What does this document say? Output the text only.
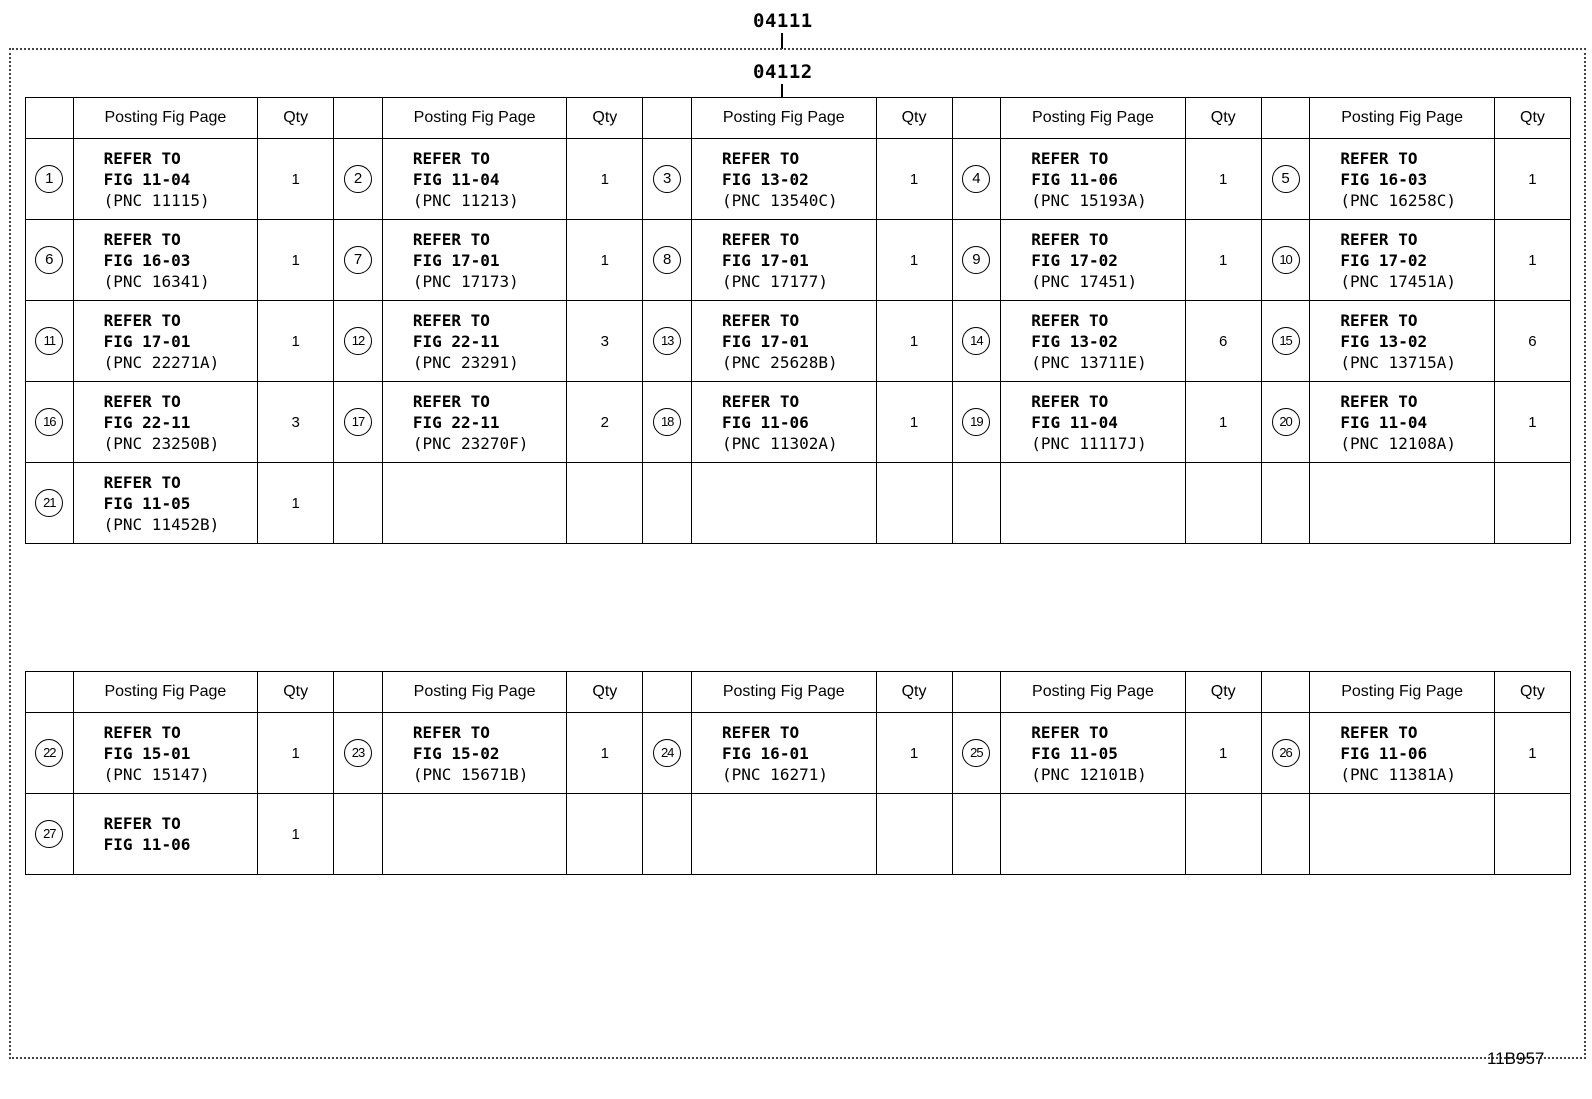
04111
04112
	Posting Fig Page	Qty		Posting Fig Page	Qty		Posting Fig Page	Qty		Posting Fig Page	Qty		Posting Fig Page	Qty
1	REFER TO
FIG 11-04
(PNC 11115)	1	2	REFER TO
FIG 11-04
(PNC 11213)	1	3	REFER TO
FIG 13-02
(PNC 13540C)	1	4	REFER TO
FIG 11-06
(PNC 15193A)	1	5	REFER TO
FIG 16-03
(PNC 16258C)	1
6	REFER TO
FIG 16-03
(PNC 16341)	1	7	REFER TO
FIG 17-01
(PNC 17173)	1	8	REFER TO
FIG 17-01
(PNC 17177)	1	9	REFER TO
FIG 17-02
(PNC 17451)	1	10	REFER TO
FIG 17-02
(PNC 17451A)	1
11	REFER TO
FIG 17-01
(PNC 22271A)	1	12	REFER TO
FIG 22-11
(PNC 23291)	3	13	REFER TO
FIG 17-01
(PNC 25628B)	1	14	REFER TO
FIG 13-02
(PNC 13711E)	6	15	REFER TO
FIG 13-02
(PNC 13715A)	6
16	REFER TO
FIG 22-11
(PNC 23250B)	3	17	REFER TO
FIG 22-11
(PNC 23270F)	2	18	REFER TO
FIG 11-06
(PNC 11302A)	1	19	REFER TO
FIG 11-04
(PNC 11117J)	1	20	REFER TO
FIG 11-04
(PNC 12108A)	1
21	REFER TO
FIG 11-05
(PNC 11452B)	1												
	Posting Fig Page	Qty		Posting Fig Page	Qty		Posting Fig Page	Qty		Posting Fig Page	Qty		Posting Fig Page	Qty
22	REFER TO
FIG 15-01
(PNC 15147)	1	23	REFER TO
FIG 15-02
(PNC 15671B)	1	24	REFER TO
FIG 16-01
(PNC 16271)	1	25	REFER TO
FIG 11-05
(PNC 12101B)	1	26	REFER TO
FIG 11-06
(PNC 11381A)	1
27	REFER TO
FIG 11-06	1												
11B957
